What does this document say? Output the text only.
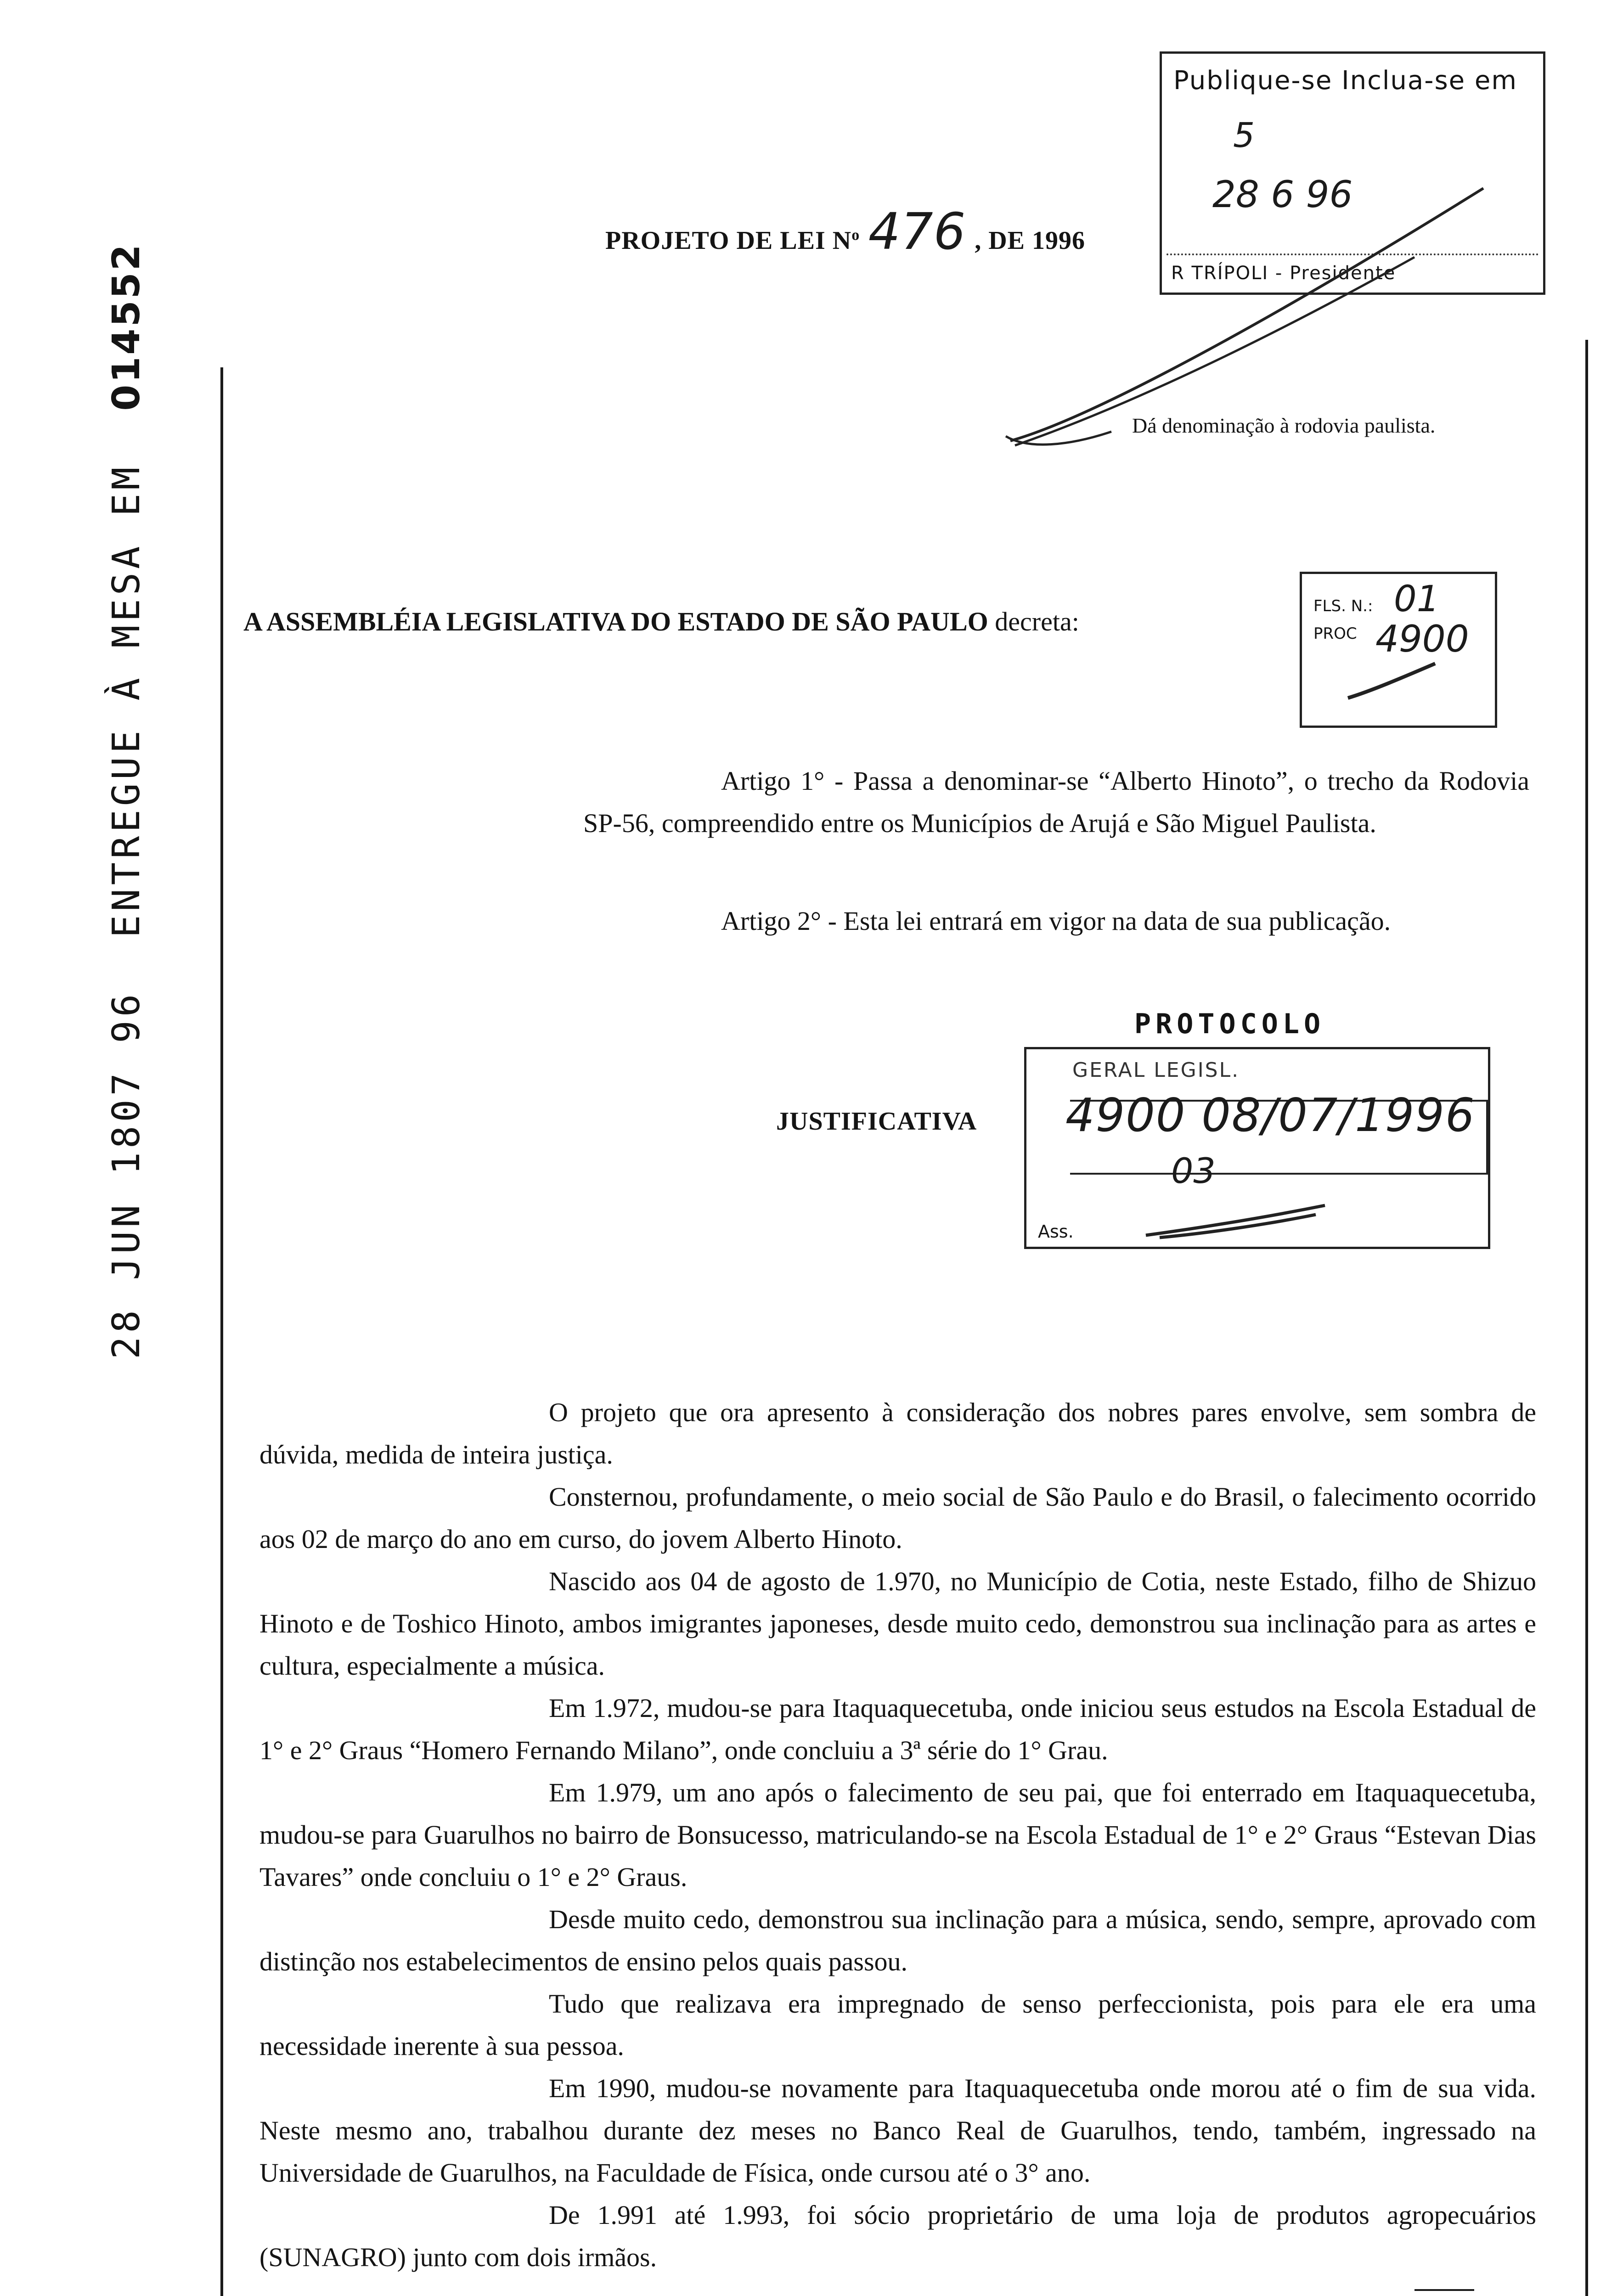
PROJETO DE LEI $N^o$ 476 , DE 1996
Publique-se Inclua-se em
5
28 6 96
R TRÍPOLI - Presidente
Dá denominação à rodovia paulista.
A ASSEMBLÉIA LEGISLATIVA DO ESTADO DE SÃO PAULO decreta:
FLS. N.:
PROC
01
4900
Artigo 1° - Passa a denominar-se “Alberto Hinoto”, o trecho da Rodovia SP-56, compreendido entre os Municípios de Arujá e São Miguel Paulista.
Artigo 2° - Esta lei entrará em vigor na data de sua publicação.
PROTOCOLO
GERAL LEGISL.
4900 08/07/1996
03
Ass.
JUSTIFICATIVA
28 JUN 1807 96  ENTREGUE À MESA EM  014552

O projeto que ora apresento à consideração dos nobres pares envolve, sem sombra de dúvida, medida de inteira justiça.

Consternou, profundamente, o meio social de São Paulo e do Brasil, o falecimento ocorrido aos 02 de março do ano em curso, do jovem Alberto Hinoto.

Nascido aos 04 de agosto de 1.970, no Município de Cotia, neste Estado, filho de Shizuo Hinoto e de Toshico Hinoto, ambos imigrantes japoneses, desde muito cedo, demonstrou sua inclinação para as artes e cultura, especialmente a música.

Em 1.972, mudou-se para Itaquaquecetuba, onde iniciou seus estudos na Escola Estadual de 1° e 2° Graus “Homero Fernando Milano”, onde concluiu a 3ª série do 1° Grau.

Em 1.979, um ano após o falecimento de seu pai, que foi enterrado em Itaquaquecetuba, mudou-se para Guarulhos no bairro de Bonsucesso, matriculando-se na Escola Estadual de 1° e 2° Graus “Estevan Dias Tavares” onde concluiu o 1° e 2° Graus.

Desde muito cedo, demonstrou sua inclinação para a música, sendo, sempre, aprovado com distinção nos estabelecimentos de ensino pelos quais passou.

Tudo que realizava era impregnado de senso perfeccionista, pois para ele era uma necessidade inerente à sua pessoa.

Em 1990, mudou-se novamente para Itaquaquecetuba onde morou até o fim de sua vida. Neste mesmo ano, trabalhou durante dez meses no Banco Real de Guarulhos, tendo, também, ingressado na Universidade de Guarulhos, na Faculdade de Física, onde cursou até o 3° ano.

De 1.991 até 1.993, foi sócio proprietário de uma loja de produtos agropecuários (SUNAGRO) junto com dois irmãos.
